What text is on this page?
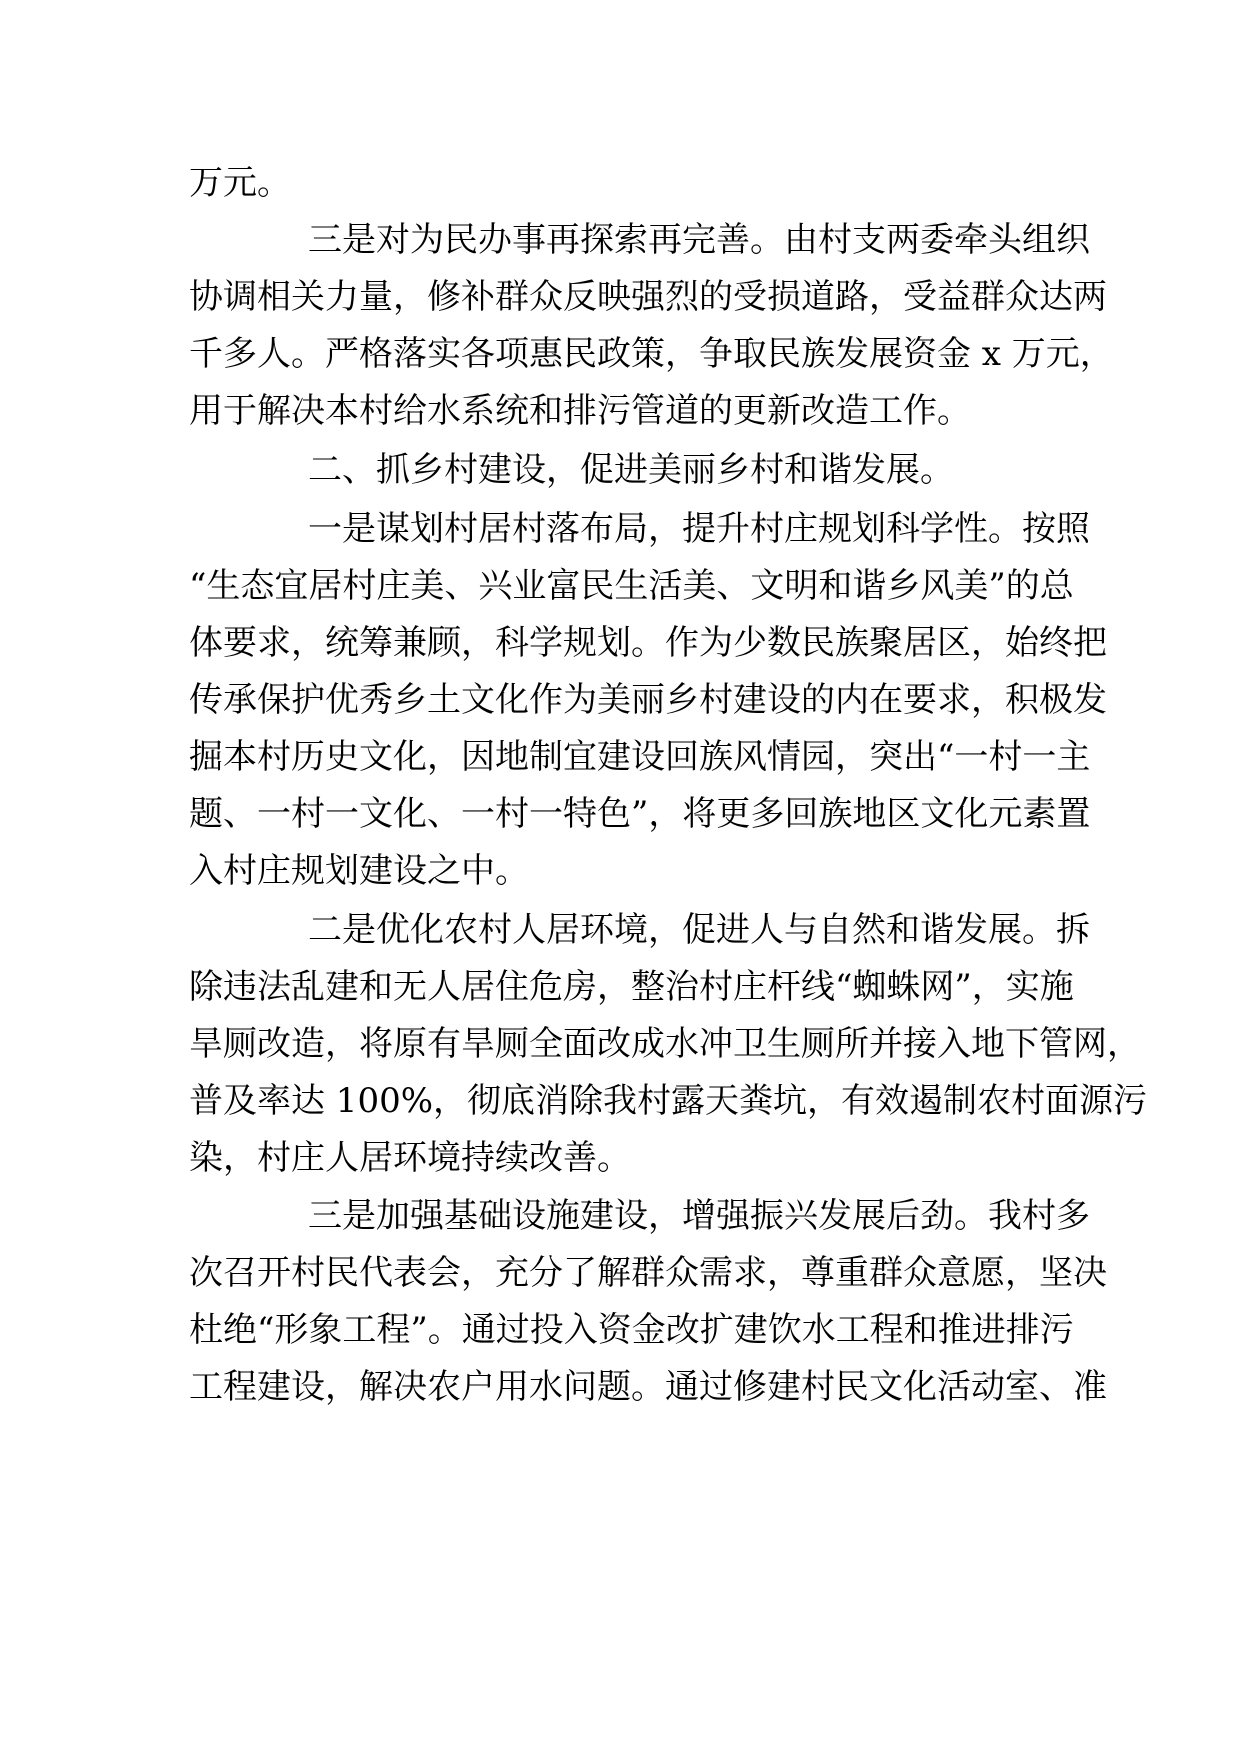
万元。
三是对为民办事再探索再完善。由村支两委牵头组织
协调相关力量，修补群众反映强烈的受损道路，受益群众达两
千多人。严格落实各项惠民政策，争取民族发展资金 x 万元，
用于解决本村给水系统和排污管道的更新改造工作。
二、抓乡村建设，促进美丽乡村和谐发展。
一是谋划村居村落布局，提升村庄规划科学性。按照
“生态宜居村庄美、兴业富民生活美、文明和谐乡风美”的总
体要求，统筹兼顾，科学规划。作为少数民族聚居区，始终把
传承保护优秀乡土文化作为美丽乡村建设的内在要求，积极发
掘本村历史文化，因地制宜建设回族风情园，突出“一村一主
题、一村一文化、一村一特色”，将更多回族地区文化元素置
入村庄规划建设之中。
二是优化农村人居环境，促进人与自然和谐发展。拆
除违法乱建和无人居住危房，整治村庄杆线“蜘蛛网”，实施
旱厕改造，将原有旱厕全面改成水冲卫生厕所并接入地下管网，
普及率达 100%，彻底消除我村露天粪坑，有效遏制农村面源污
染，村庄人居环境持续改善。
三是加强基础设施建设，增强振兴发展后劲。我村多
次召开村民代表会，充分了解群众需求，尊重群众意愿，坚决
杜绝“形象工程”。通过投入资金改扩建饮水工程和推进排污
工程建设，解决农户用水问题。通过修建村民文化活动室、准
